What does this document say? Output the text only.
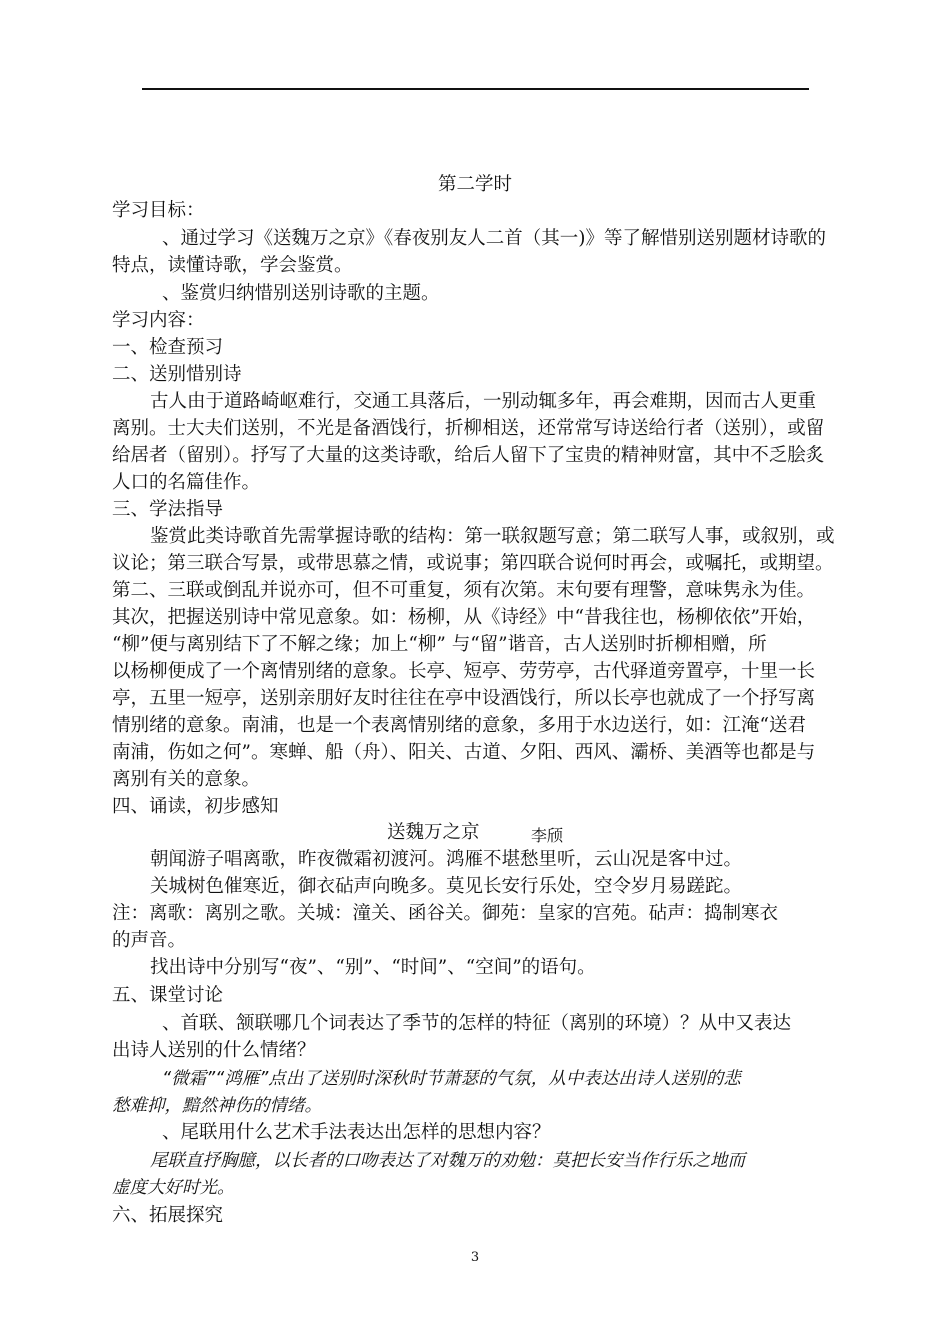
第二学时
学习目标：
、通过学习《送魏万之京》《春夜别友人二首（其一)》等了解惜别送别题材诗歌的
特点，读懂诗歌，学会鉴赏。
、鉴赏归纳惜别送别诗歌的主题。
学习内容：
一、检查预习
二、送别惜别诗
古人由于道路崎岖难行，交通工具落后，一别动辄多年，再会难期，因而古人更重
离别。士大夫们送别，不光是备酒饯行，折柳相送，还常常写诗送给行者（送别），或留
给居者（留别）。抒写了大量的这类诗歌，给后人留下了宝贵的精神财富，其中不乏脍炙
人口的名篇佳作。
三、学法指导
鉴赏此类诗歌首先需掌握诗歌的结构：第一联叙题写意；第二联写人事，或叙别，或
议论；第三联合写景，或带思慕之情，或说事；第四联合说何时再会，或嘱托，或期望。
第二、三联或倒乱并说亦可，但不可重复，须有次第。末句要有理警，意味隽永为佳。
其次，把握送别诗中常见意象。如：杨柳，从《诗经》中“昔我往也，杨柳依依”开始，
“柳”便与离别结下了不解之缘；加上“柳” 与“留”谐音，古人送别时折柳相赠，所
以杨柳便成了一个离情别绪的意象。长亭、短亭、劳劳亭，古代驿道旁置亭，十里一长
亭，五里一短亭，送别亲朋好友时往往在亭中设酒饯行，所以长亭也就成了一个抒写离
情别绪的意象。南浦，也是一个表离情别绪的意象，多用于水边送行，如：江淹“送君
南浦，伤如之何”。寒蝉、船（舟）、阳关、古道、夕阳、西风、灞桥、美酒等也都是与
离别有关的意象。
四、诵读，初步感知
送魏万之京	李颀
朝闻游子唱离歌，昨夜微霜初渡河。鸿雁不堪愁里听，云山况是客中过。
关城树色催寒近，御衣砧声向晚多。莫见长安行乐处，空令岁月易蹉跎。
注：离歌：离别之歌。关城：潼关、函谷关。御苑：皇家的宫苑。砧声：捣制寒衣
的声音。
找出诗中分别写“夜”、“别”、“时间”、“空间”的语句。
五、课堂讨论
、首联、颔联哪几个词表达了季节的怎样的特征（离别的环境）？从中又表达
出诗人送别的什么情绪？
“微霜”“鸿雁”点出了送别时深秋时节萧瑟的气氛，从中表达出诗人送别的悲
愁难抑，黯然神伤的情绪。
、尾联用什么艺术手法表达出怎样的思想内容？
尾联直抒胸臆，以长者的口吻表达了对魏万的劝勉：莫把长安当作行乐之地而
虚度大好时光。
六、拓展探究
3
